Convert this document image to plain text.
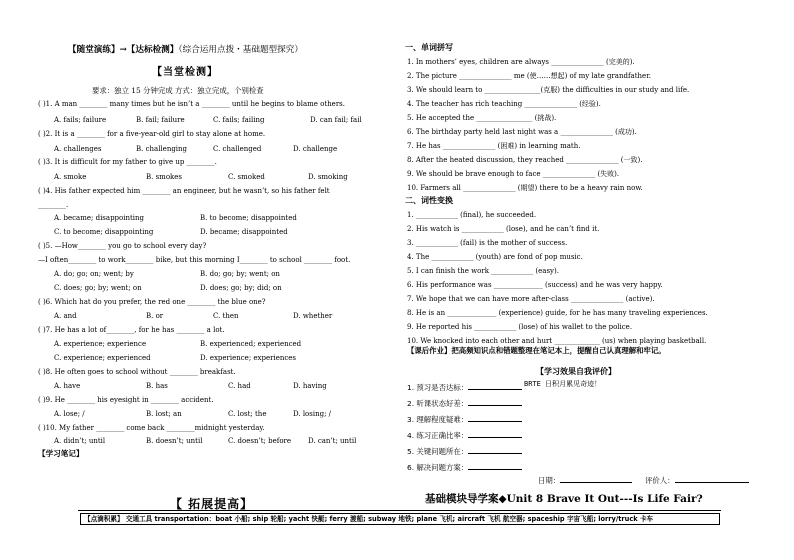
【随堂演练】→【达标检测】（综合运用点拨・基础题型探究）
【当堂检测】
要求：独立 15 分钟完成 方式：独立完成，个别检查
( )1. A man ________ many times but he isn’t a ________ until he begins to blame others.
A. fails; failure	B. fail; failure	C. fails; failing	D. can fail; fail
( )2. It is a ________ for a five-year-old girl to stay alone at home.
A. challenges	B. challenging	C. challenged	D. challenge
( )3. It is difficult for my father to give up ________.
A. smoke	B. smokes	C. smoked	D. smoking
( )4. His father expected him ________ an engineer, but he wasn’t, so his father felt
________.
A. became; disappointing	B. to become; disappointed
C. to become; disappointing	D. became; disappointed
( )5. —How________ you go to school every day?
—I often________ to work________ bike, but this morning I________ to school ________ foot.
A. do; go; on; went; by	B. do; go; by; went; on
C. does; go; by; went; on	D. does; go; by; did; on
( )6. Which hat do you prefer, the red one ________ the blue one?
A. and	B. or	C. then	D. whether
( )7. He has a lot of________, for he has ________ a lot.
A. experience; experience	B. experienced; experienced
C. experience; experienced	D. experience; experiences
( )8. He often goes to school without ________ breakfast.
A. have	B. has	C. had	D. having
( )9. He ________ his eyesight in ________ accident.
A. lose; /	B. lost; an	C. lost; the	D. losing; /
( )10. My father ________ come back ________midnight yesterday.
A. didn’t; until	B. doesn’t; until	C. doesn’t; before D. can’t; until
【学习笔记】
一、单词拼写
1. In mothers’ eyes, children are always _______________ (完美的).
2. The picture _______________ me (使……想起) of my late grandfather.
3. We should learn to ________________(克服) the difficulties in our study and life.
4. The teacher has rich teaching _______________ (经验).
5. He accepted the ________________ (挑战).
6. The birthday party held last night was a _______________ (成功).
7. He has _______________ (困难) in learning math.
8. After the heated discussion, they reached _______________ (一致).
9. We should be brave enough to face _______________ (失败).
10. Farmers all _______________ (期望) there to be a heavy rain now.
二、词性变换
1. ____________ (final), he succeeded.
2. His watch is ____________ (lose), and he can’t find it.
3. ____________ (fail) is the mother of success.
4. The ____________ (youth) are fond of pop music.
5. I can finish the work ____________ (easy).
6. His performance was ______________ (success) and he was very happy.
7. We hope that we can have more after-class _______________ (active).
8. He is an ______________ (experience) guide, for he has many traveling experiences.
9. He reported his ____________ (lose) of his wallet to the police.
10. We knocked into each other and hurt _____________ (us) when playing basketball.
【课后作业】把高频知识点和错题整理在笔记本上，提醒自己认真理解和牢记。
【学习效果自我评价】
BRTE 日积月累见奇迹！
1. 预习是否达标：
2. 听课状态好差：
3. 理解程度疑难：
4. 练习正确比率：
5. 关键问题所在：
6. 解决问题方案：
日期：	评价人：
【 拓展提高】	基础模块导学案◆Unit 8 Brave It Out---Is Life Fair?
【点滴积累】 交通工具 transportation：boat 小船; ship 轮船; yacht 快艇; ferry 渡船; subway 地铁; plane 飞机; aircraft 飞机 航空器; spaceship 宇宙飞船; lorry/truck 卡车
